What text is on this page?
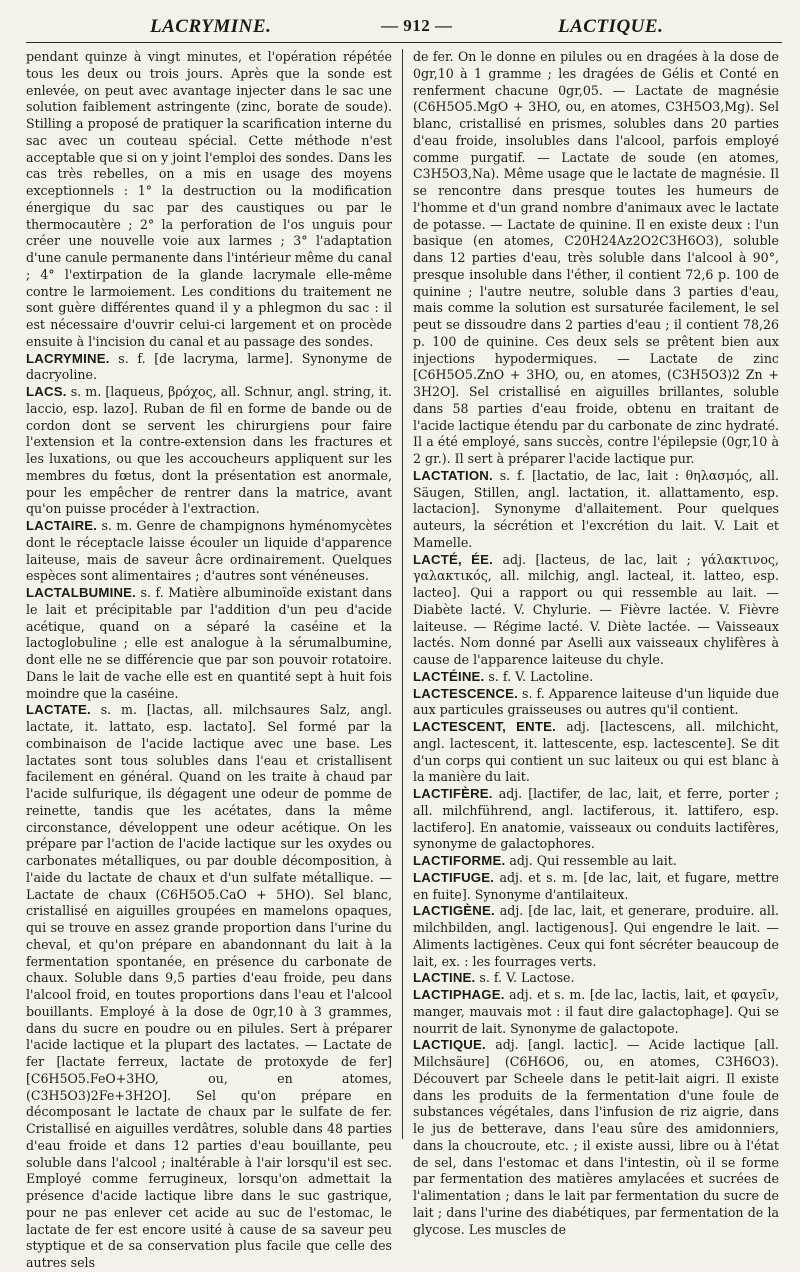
LACRYMINE.	— 912 —	LACTIQUE.

pendant quinze à vingt minutes, et l'opération répétée tous les deux ou trois jours. Après que la sonde est enlevée, on peut avec avantage injecter dans le sac une solution faiblement astringente (zinc, borate de soude). Stilling a proposé de pratiquer la scarification interne du sac avec un couteau spécial. Cette méthode n'est acceptable que si on y joint l'emploi des sondes. Dans les cas très rebelles, on a mis en usage des moyens exceptionnels : 1° la destruction ou la modification énergique du sac par des caustiques ou par le thermocautère ; 2° la perforation de l'os unguis pour créer une nouvelle voie aux larmes ; 3° l'adaptation d'une canule permanente dans l'intérieur même du canal ; 4° l'extirpation de la glande lacrymale elle-même contre le larmoiement. Les conditions du traitement ne sont guère différentes quand il y a phlegmon du sac : il est nécessaire d'ouvrir celui-ci largement et on procède ensuite à l'incision du canal et au passage des sondes.

LACRYMINE. s. f. [de lacryma, larme]. Synonyme de dacryoline.

LACS. s. m. [laqueus, βρόχος, all. Schnur, angl. string, it. laccio, esp. lazo]. Ruban de fil en forme de bande ou de cordon dont se servent les chirurgiens pour faire l'extension et la contre-extension dans les fractures et les luxations, ou que les accoucheurs appliquent sur les membres du fœtus, dont la présentation est anormale, pour les empêcher de rentrer dans la matrice, avant qu'on puisse procéder à l'extraction.

LACTAIRE. s. m. Genre de champignons hyménomycètes dont le réceptacle laisse écouler un liquide d'apparence laiteuse, mais de saveur âcre ordinairement. Quelques espèces sont alimentaires ; d'autres sont vénéneuses.

LACTALBUMINE. s. f. Matière albuminoïde existant dans le lait et précipitable par l'addition d'un peu d'acide acétique, quand on a séparé la caséine et la lactoglobuline ; elle est analogue à la sérumalbumine, dont elle ne se différencie que par son pouvoir rotatoire. Dans le lait de vache elle est en quantité sept à huit fois moindre que la caséine.

LACTATE. s. m. [lactas, all. milchsaures Salz, angl. lactate, it. lattato, esp. lactato]. Sel formé par la combinaison de l'acide lactique avec une base. Les lactates sont tous solubles dans l'eau et cristallisent facilement en général. Quand on les traite à chaud par l'acide sulfurique, ils dégagent une odeur de pomme de reinette, tandis que les acétates, dans la même circonstance, développent une odeur acétique. On les prépare par l'action de l'acide lactique sur les oxydes ou carbonates métalliques, ou par double décomposition, à l'aide du lactate de chaux et d'un sulfate métallique. — Lactate de chaux (C6H5O5.CaO + 5HO). Sel blanc, cristallisé en aiguilles groupées en mamelons opaques, qui se trouve en assez grande proportion dans l'urine du cheval, et qu'on prépare en abandonnant du lait à la fermentation spontanée, en présence du carbonate de chaux. Soluble dans 9,5 parties d'eau froide, peu dans l'alcool froid, en toutes proportions dans l'eau et l'alcool bouillants. Employé à la dose de 0gr,10 à 3 grammes, dans du sucre en poudre ou en pilules. Sert à préparer l'acide lactique et la plupart des lactates. — Lactate de fer [lactate ferreux, lactate de protoxyde de fer] [C6H5O5.FeO+3HO, ou, en atomes, (C3H5O3)2Fe+3H2O]. Sel qu'on prépare en décomposant le lactate de chaux par le sulfate de fer. Cristallisé en aiguilles verdâtres, soluble dans 48 parties d'eau froide et dans 12 parties d'eau bouillante, peu soluble dans l'alcool ; inaltérable à l'air lorsqu'il est sec. Employé comme ferrugineux, lorsqu'on admettait la présence d'acide lactique libre dans le suc gastrique, pour ne pas enlever cet acide au suc de l'estomac, le lactate de fer est encore usité à cause de sa saveur peu styptique et de sa conservation plus facile que celle des autres sels

de fer. On le donne en pilules ou en dragées à la dose de 0gr,10 à 1 gramme ; les dragées de Gélis et Conté en renferment chacune 0gr,05. — Lactate de magnésie (C6H5O5.MgO + 3HO, ou, en atomes, C3H5O3,Mg). Sel blanc, cristallisé en prismes, solubles dans 20 parties d'eau froide, insolubles dans l'alcool, parfois employé comme purgatif. — Lactate de soude (en atomes, C3H5O3,Na). Même usage que le lactate de magnésie. Il se rencontre dans presque toutes les humeurs de l'homme et d'un grand nombre d'animaux avec le lactate de potasse. — Lactate de quinine. Il en existe deux : l'un basique (en atomes, C20H24Az2O2C3H6O3), soluble dans 12 parties d'eau, très soluble dans l'alcool à 90°, presque insoluble dans l'éther, il contient 72,6 p. 100 de quinine ; l'autre neutre, soluble dans 3 parties d'eau, mais comme la solution est sursaturée facilement, le sel peut se dissoudre dans 2 parties d'eau ; il contient 78,26 p. 100 de quinine. Ces deux sels se prêtent bien aux injections hypodermiques. — Lactate de zinc [C6H5O5.ZnO + 3HO, ou, en atomes, (C3H5O3)2 Zn + 3H2O]. Sel cristallisé en aiguilles brillantes, soluble dans 58 parties d'eau froide, obtenu en traitant de l'acide lactique étendu par du carbonate de zinc hydraté. Il a été employé, sans succès, contre l'épilepsie (0gr,10 à 2 gr.). Il sert à préparer l'acide lactique pur.

LACTATION. s. f. [lactatio, de lac, lait : θηλασμός, all. Säugen, Stillen, angl. lactation, it. allattamento, esp. lactacion]. Synonyme d'allaitement. Pour quelques auteurs, la sécrétion et l'excrétion du lait. V. Lait et Mamelle.

LACTÉ, ÉE. adj. [lacteus, de lac, lait ; γάλακτινος, γαλακτικός, all. milchig, angl. lacteal, it. latteo, esp. lacteo]. Qui a rapport ou qui ressemble au lait. — Diabète lacté. V. Chylurie. — Fièvre lactée. V. Fièvre laiteuse. — Régime lacté. V. Diète lactée. — Vaisseaux lactés. Nom donné par Aselli aux vaisseaux chylifères à cause de l'apparence laiteuse du chyle.

LACTÉINE. s. f. V. Lactoline.

LACTESCENCE. s. f. Apparence laiteuse d'un liquide due aux particules graisseuses ou autres qu'il contient.

LACTESCENT, ENTE. adj. [lactescens, all. milchicht, angl. lactescent, it. lattescente, esp. lactescente]. Se dit d'un corps qui contient un suc laiteux ou qui est blanc à la manière du lait.

LACTIFÈRE. adj. [lactifer, de lac, lait, et ferre, porter ; all. milchführend, angl. lactiferous, it. lattifero, esp. lactifero]. En anatomie, vaisseaux ou conduits lactifères, synonyme de galactophores.

LACTIFORME. adj. Qui ressemble au lait.

LACTIFUGE. adj. et s. m. [de lac, lait, et fugare, mettre en fuite]. Synonyme d'antilaiteux.

LACTIGÈNE. adj. [de lac, lait, et generare, produire. all. milchbilden, angl. lactigenous]. Qui engendre le lait. — Aliments lactigènes. Ceux qui font sécréter beaucoup de lait, ex. : les fourrages verts.

LACTINE. s. f. V. Lactose.

LACTIPHAGE. adj. et s. m. [de lac, lactis, lait, et φαγεῖν, manger, mauvais mot : il faut dire galactophage]. Qui se nourrit de lait. Synonyme de galactopote.

LACTIQUE. adj. [angl. lactic]. — Acide lactique [all. Milchsäure] (C6H6O6, ou, en atomes, C3H6O3). Découvert par Scheele dans le petit-lait aigri. Il existe dans les produits de la fermentation d'une foule de substances végétales, dans l'infusion de riz aigrie, dans le jus de betterave, dans l'eau sûre des amidonniers, dans la choucroute, etc. ; il existe aussi, libre ou à l'état de sel, dans l'estomac et dans l'intestin, où il se forme par fermentation des matières amylacées et sucrées de l'alimentation ; dans le lait par fermentation du sucre de lait ; dans l'urine des diabétiques, par fermentation de la glycose. Les muscles de
